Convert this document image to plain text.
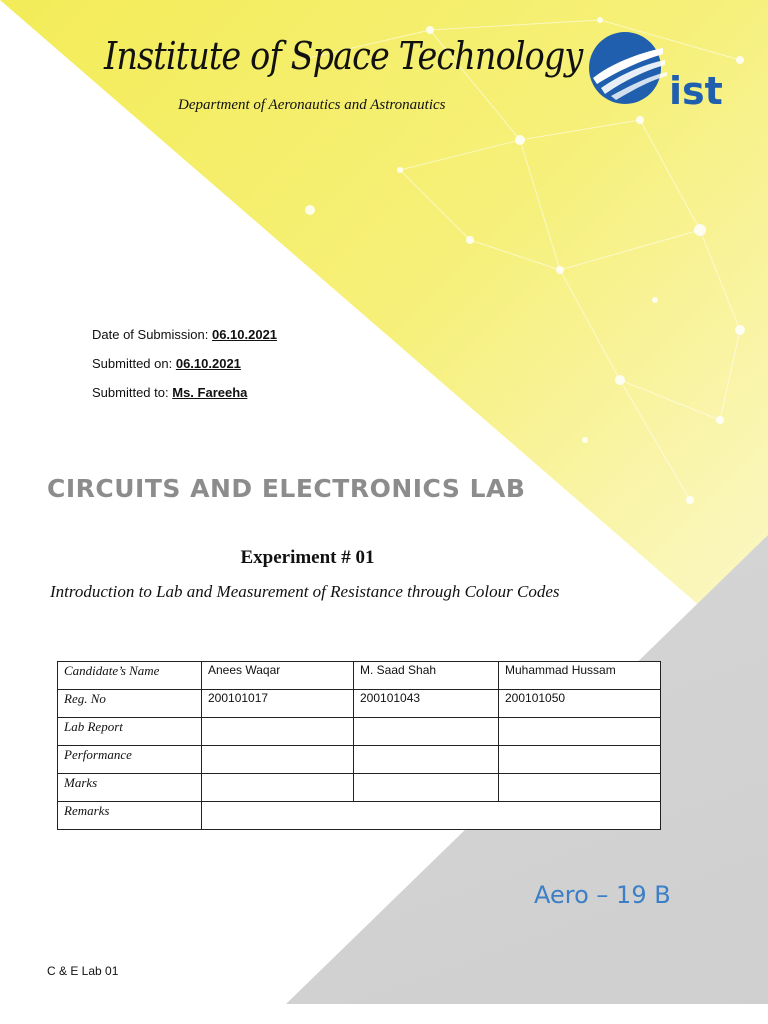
Institute of Space Technology
Department of Aeronautics and Astronautics	ist
Date of Submission: 06.10.2021
Submitted on: 06.10.2021
Submitted to: Ms. Fareeha
CIRCUITS AND ELECTRONICS LAB
Experiment # 01
Introduction to Lab and Measurement of Resistance through Colour Codes
Candidate’s Name	Anees Waqar	M. Saad Shah	Muhammad Hussam
Reg. No	200101017	200101043	200101050
Lab Report			
Performance			
Marks			
Remarks			
Aero – 19 B
C & E Lab 01
